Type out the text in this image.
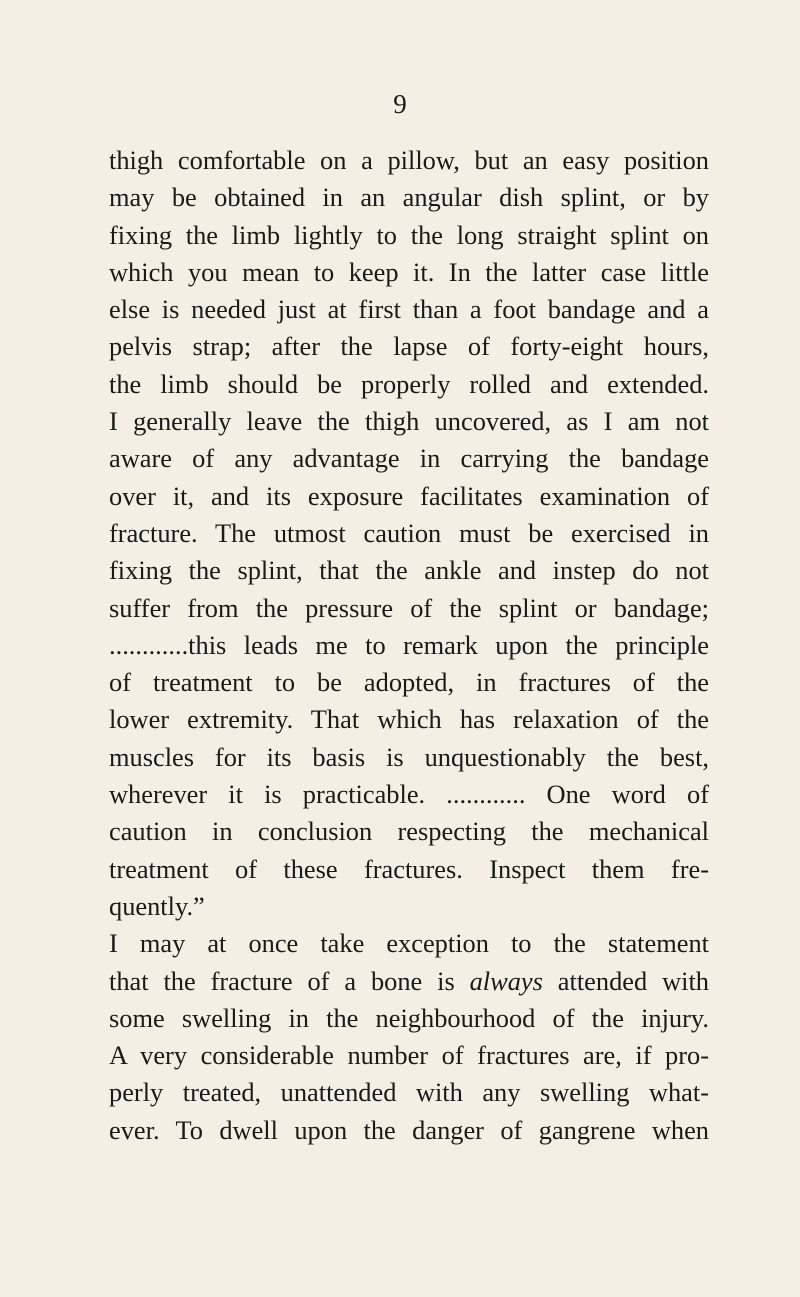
9
thigh comfortable on a pillow, but an easy position
may be obtained in an angular dish splint, or by
fixing the limb lightly to the long straight splint on
which you mean to keep it. In the latter case little
else is needed just at first than a foot bandage and a
pelvis strap; after the lapse of forty-eight hours,
the limb should be properly rolled and extended.
I generally leave the thigh uncovered, as I am not
aware of any advantage in carrying the bandage
over it, and its exposure facilitates examination of
fracture. The utmost caution must be exercised in
fixing the splint, that the ankle and instep do not
suffer from the pressure of the splint or bandage;
............this leads me to remark upon the principle
of treatment to be adopted, in fractures of the
lower extremity. That which has relaxation of the
muscles for its basis is unquestionably the best,
wherever it is practicable. ............ One word of
caution in conclusion respecting the mechanical
treatment of these fractures. Inspect them fre-
quently.”
I may at once take exception to the statement
that the fracture of a bone is always attended with
some swelling in the neighbourhood of the injury.
A very considerable number of fractures are, if pro-
perly treated, unattended with any swelling what-
ever. To dwell upon the danger of gangrene when
